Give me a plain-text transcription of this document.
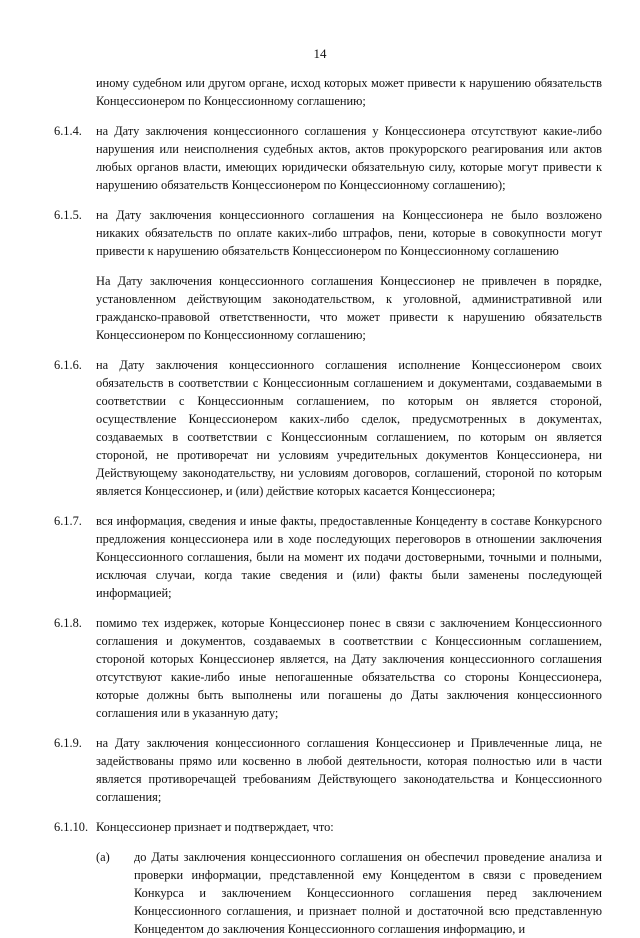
14
иному судебном или другом органе, исход которых может привести к нарушению обязательств Концессионером по Концессионному соглашению;
6.1.4. на Дату заключения концессионного соглашения у Концессионера отсутствуют какие-либо нарушения или неисполнения судебных актов, актов прокурорского реагирования или актов любых органов власти, имеющих юридически обязательную силу, которые могут привести к нарушению обязательств Концессионером по Концессионному соглашению);
6.1.5. на Дату заключения концессионного соглашения на Концессионера не было возложено никаких обязательств по оплате каких-либо штрафов, пени, которые в совокупности могут привести к нарушению обязательств Концессионером по Концессионному соглашению
На Дату заключения концессионного соглашения Концессионер не привлечен в порядке, установленном действующим законодательством, к уголовной, административной или гражданско-правовой ответственности, что может привести к нарушению обязательств Концессионером по Концессионному соглашению;
6.1.6. на Дату заключения концессионного соглашения исполнение Концессионером своих обязательств в соответствии с Концессионным соглашением и документами, создаваемыми в соответствии с Концессионным соглашением, по которым он является стороной, осуществление Концессионером каких-либо сделок, предусмотренных в документах, создаваемых в соответствии с Концессионным соглашением, по которым он является стороной, не противоречат ни условиям учредительных документов Концессионера, ни Действующему законодательству, ни условиям договоров, соглашений, стороной по которым является Концессионер, и (или) действие которых касается Концессионера;
6.1.7. вся информация, сведения и иные факты, предоставленные Концеденту в составе Конкурсного предложения концессионера или в ходе последующих переговоров в отношении заключения Концессионного соглашения, были на момент их подачи достоверными, точными и полными, исключая случаи, когда такие сведения и (или) факты были заменены последующей информацией;
6.1.8. помимо тех издержек, которые Концессионер понес в связи с заключением Концессионного соглашения и документов, создаваемых в соответствии с Концессионным соглашением, стороной которых Концессионер является, на Дату заключения концессионного соглашения отсутствуют какие-либо иные непогашенные обязательства со стороны Концессионера, которые должны быть выполнены или погашены до Даты заключения концессионного соглашения или в указанную дату;
6.1.9. на Дату заключения концессионного соглашения Концессионер и Привлеченные лица, не задействованы прямо или косвенно в любой деятельности, которая полностью или в части является противоречащей требованиям Действующего законодательства и Концессионного соглашения;
6.1.10. Концессионер признает и подтверждает, что:
(a) до Даты заключения концессионного соглашения он обеспечил проведение анализа и проверки информации, представленной ему Концедентом в связи с проведением Конкурса и заключением Концессионного соглашения перед заключением Концессионного соглашения, и признает полной и достаточной всю представленную Концедентом до заключения Концессионного соглашения информацию, и
